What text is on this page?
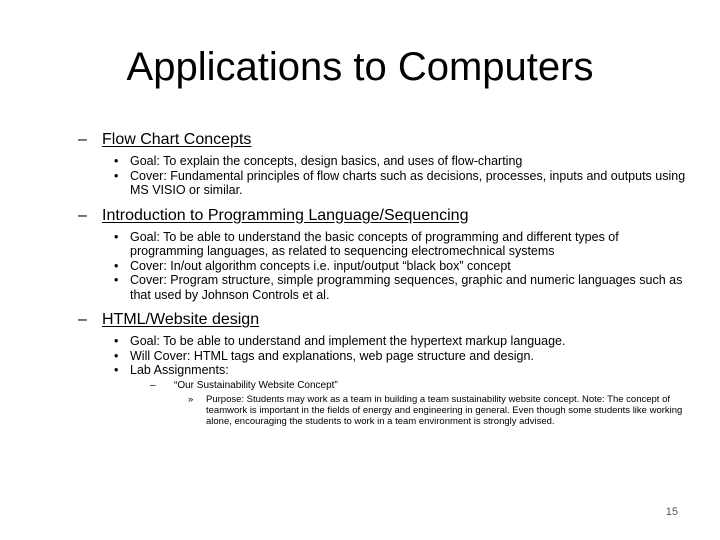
Applications to Computers
– Flow Chart Concepts
• Goal: To explain the concepts, design basics, and uses of flow-charting
• Cover: Fundamental principles of flow charts such as decisions, processes, inputs and outputs using MS VISIO or similar.
– Introduction to Programming Language/Sequencing
• Goal: To be able to understand the basic concepts of programming and different types of programming languages, as related to sequencing electromechnical systems
• Cover: In/out algorithm concepts i.e. input/output “black box” concept
• Cover: Program structure, simple programming sequences, graphic and numeric languages such as that used by Johnson Controls et al.
– HTML/Website design
• Goal: To be able to understand and implement the hypertext markup language.
• Will Cover: HTML tags and explanations, web page structure and design.
• Lab Assignments:
– “Our Sustainability Website Concept”
» Purpose: Students may work as a team in building a team sustainability website concept. Note: The concept of teamwork is important in the fields of energy and engineering in general. Even though some students like working alone, encouraging the students to work in a team environment is strongly advised.
15
